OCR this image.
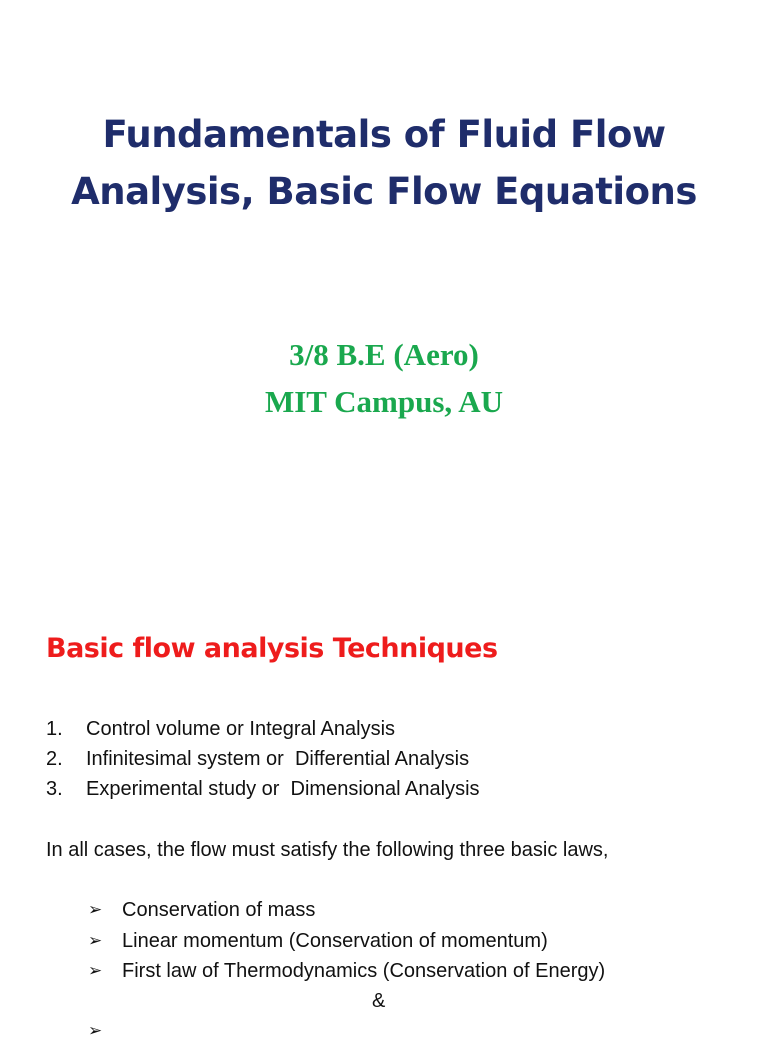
Fundamentals of Fluid Flow
Analysis, Basic Flow Equations
3/8 B.E (Aero)
MIT Campus, AU
Basic flow analysis Techniques
1.	Control volume or Integral Analysis
2.	Infinitesimal system or  Differential Analysis
3.	Experimental study or  Dimensional Analysis
In all cases, the flow must satisfy the following three basic laws,
➢ Conservation of mass
➢ Linear momentum (Conservation of momentum)
➢ First law of Thermodynamics (Conservation of Energy)
&
➢
